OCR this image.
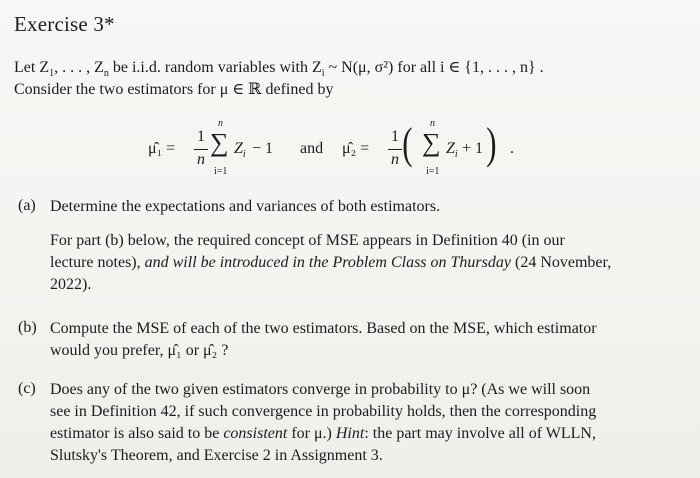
Exercise 3*
Let $Z_1$, . . . , $Z_n$ be i.i.d. random variables with $Z_i$ ~ N(μ, σ²) for all i ∈ {1, . . . , n} .
Consider the two estimators for μ ∈ ℝ defined by
μ̂₁ =
1
n
n
∑
i=1
$Z_i - 1$ and μ̂₂ =
1
n ( n
∑
i=1
$Z_i + 1$ ) .
(a) Determine the expectations and variances of both estimators.
For part (b) below, the required concept of MSE appears in Definition 40 (in our
lecture notes), and will be introduced in the Problem Class on Thursday (24 November,
2022).
(b) Compute the MSE of each of the two estimators. Based on the MSE, which estimator
would you prefer, μ̂₁ or μ̂₂ ?
(c) Does any of the two given estimators converge in probability to μ? (As we will soon
see in Definition 42, if such convergence in probability holds, then the corresponding
estimator is also said to be consistent for μ.) Hint: the part may involve all of WLLN,
Slutsky's Theorem, and Exercise 2 in Assignment 3.
